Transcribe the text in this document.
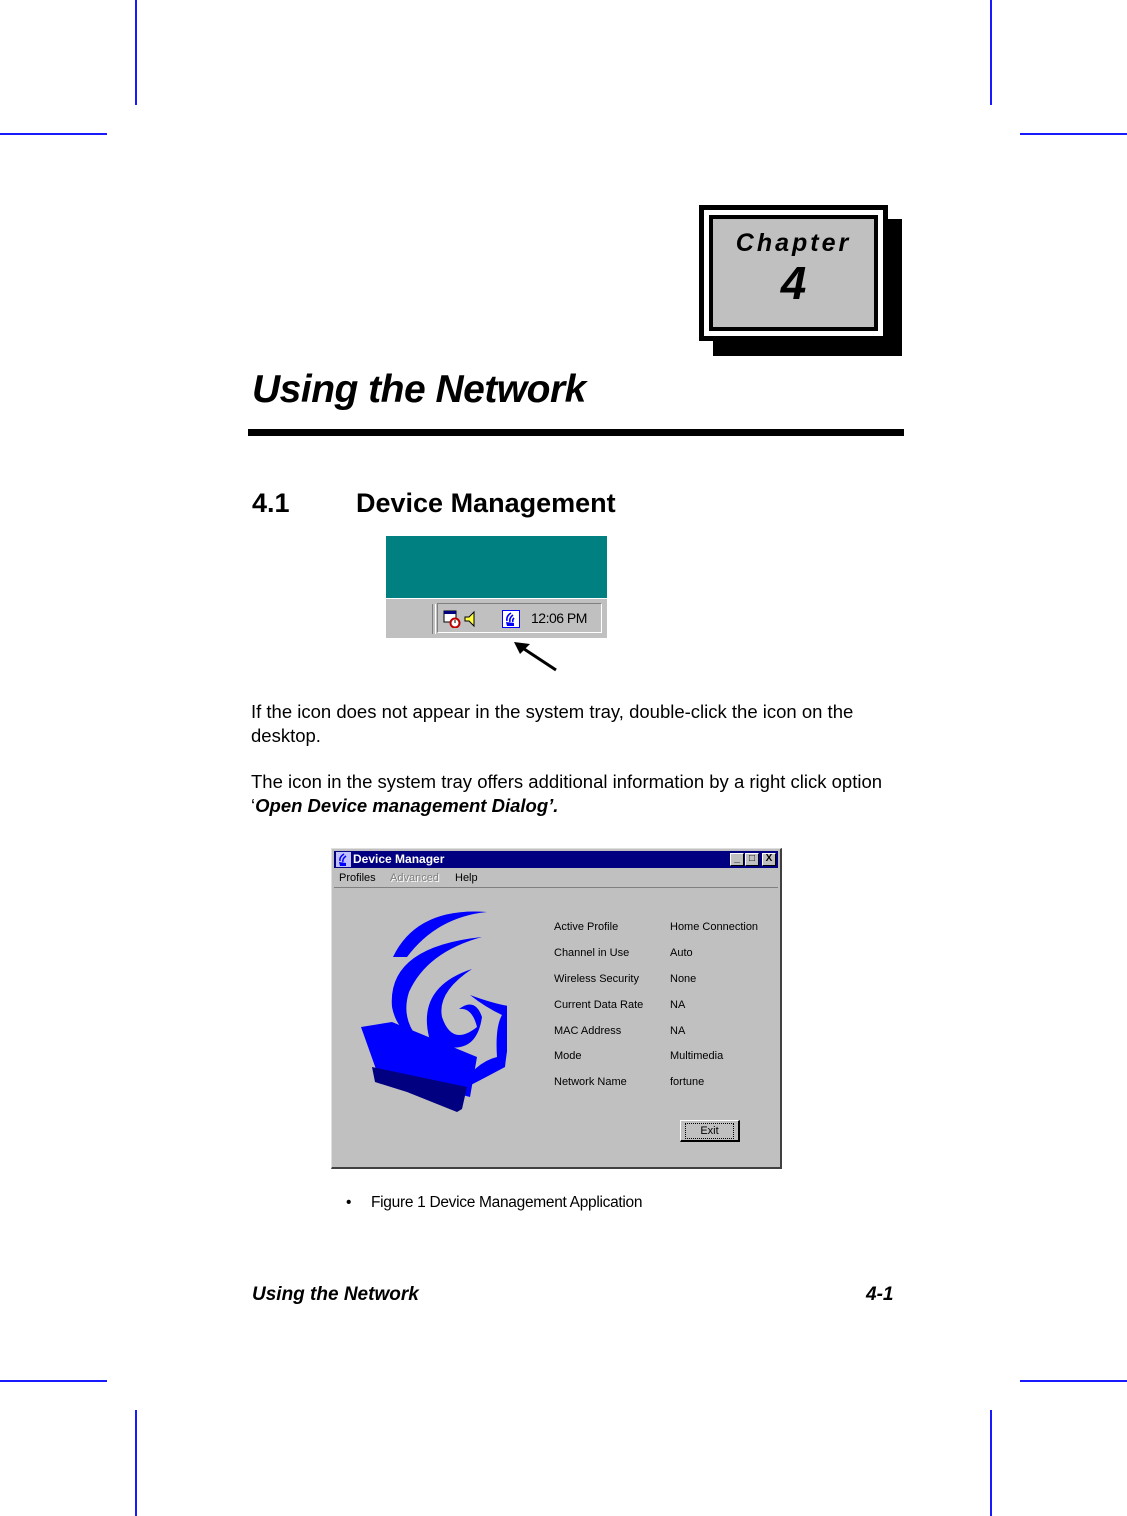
Chapter
4
Using the Network
4.1 Device Management
12:06 PM
If the icon does not appear in the system tray, double-click the icon on the desktop.
The icon in the system tray offers additional information by a right click option ‘Open Device management Dialog’.
Device Manager	_ □	X
Profiles Advanced Help
Active Profile	Home Connection
Channel in Use	Auto
Wireless Security	None
Current Data Rate NA
MAC Address	NA
Mode	Multimedia
Network Name	fortune
Exit
• Figure 1 Device Management Application
Using the Network	4-1
